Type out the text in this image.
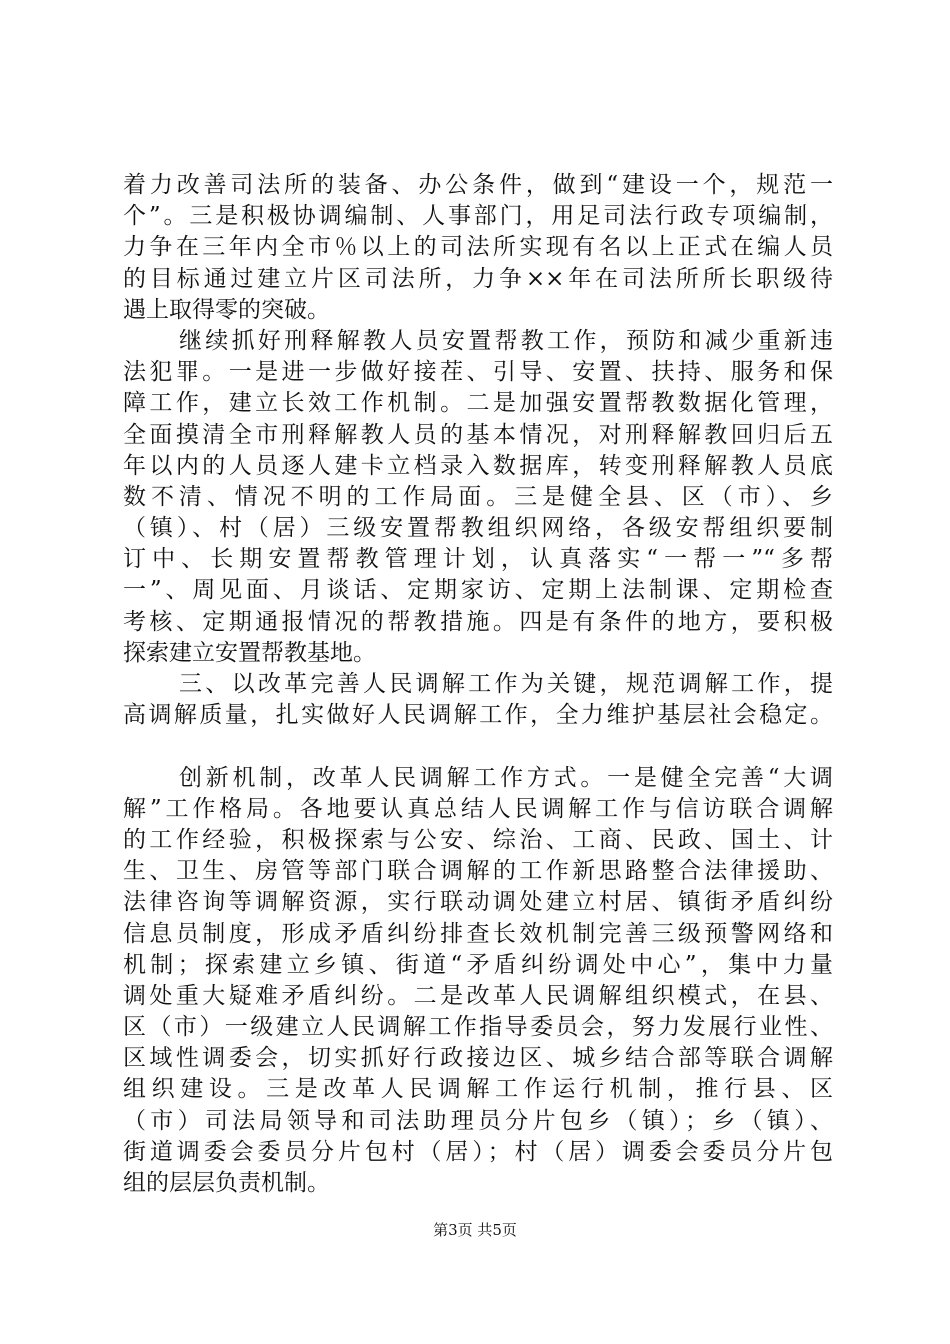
着力改善司法所的装备、办公条件，做到“建设一个，规范一
个”。三是积极协调编制、人事部门，用足司法行政专项编制，
力争在三年内全市％以上的司法所实现有名以上正式在编人员
的目标通过建立片区司法所，力争××年在司法所所长职级待
遇上取得零的突破。
继续抓好刑释解教人员安置帮教工作，预防和减少重新违
法犯罪。一是进一步做好接茬、引导、安置、扶持、服务和保
障工作，建立长效工作机制。二是加强安置帮教数据化管理，
全面摸清全市刑释解教人员的基本情况，对刑释解教回归后五
年以内的人员逐人建卡立档录入数据库，转变刑释解教人员底
数不清、情况不明的工作局面。三是健全县、区（市）、乡
（镇）、村（居）三级安置帮教组织网络，各级安帮组织要制
订中、长期安置帮教管理计划，认真落实“一帮一”“多帮
一”、周见面、月谈话、定期家访、定期上法制课、定期检查
考核、定期通报情况的帮教措施。四是有条件的地方，要积极
探索建立安置帮教基地。
三、以改革完善人民调解工作为关键，规范调解工作，提
高调解质量，扎实做好人民调解工作，全力维护基层社会稳定。
创新机制，改革人民调解工作方式。一是健全完善“大调
解”工作格局。各地要认真总结人民调解工作与信访联合调解
的工作经验，积极探索与公安、综治、工商、民政、国土、计
生、卫生、房管等部门联合调解的工作新思路整合法律援助、
法律咨询等调解资源，实行联动调处建立村居、镇街矛盾纠纷
信息员制度，形成矛盾纠纷排查长效机制完善三级预警网络和
机制；探索建立乡镇、街道“矛盾纠纷调处中心”，集中力量
调处重大疑难矛盾纠纷。二是改革人民调解组织模式，在县、
区（市）一级建立人民调解工作指导委员会，努力发展行业性、
区域性调委会，切实抓好行政接边区、城乡结合部等联合调解
组织建设。三是改革人民调解工作运行机制，推行县、区
（市）司法局领导和司法助理员分片包乡（镇）；乡（镇）、
街道调委会委员分片包村（居）；村（居）调委会委员分片包
组的层层负责机制。
第3页 共5页
